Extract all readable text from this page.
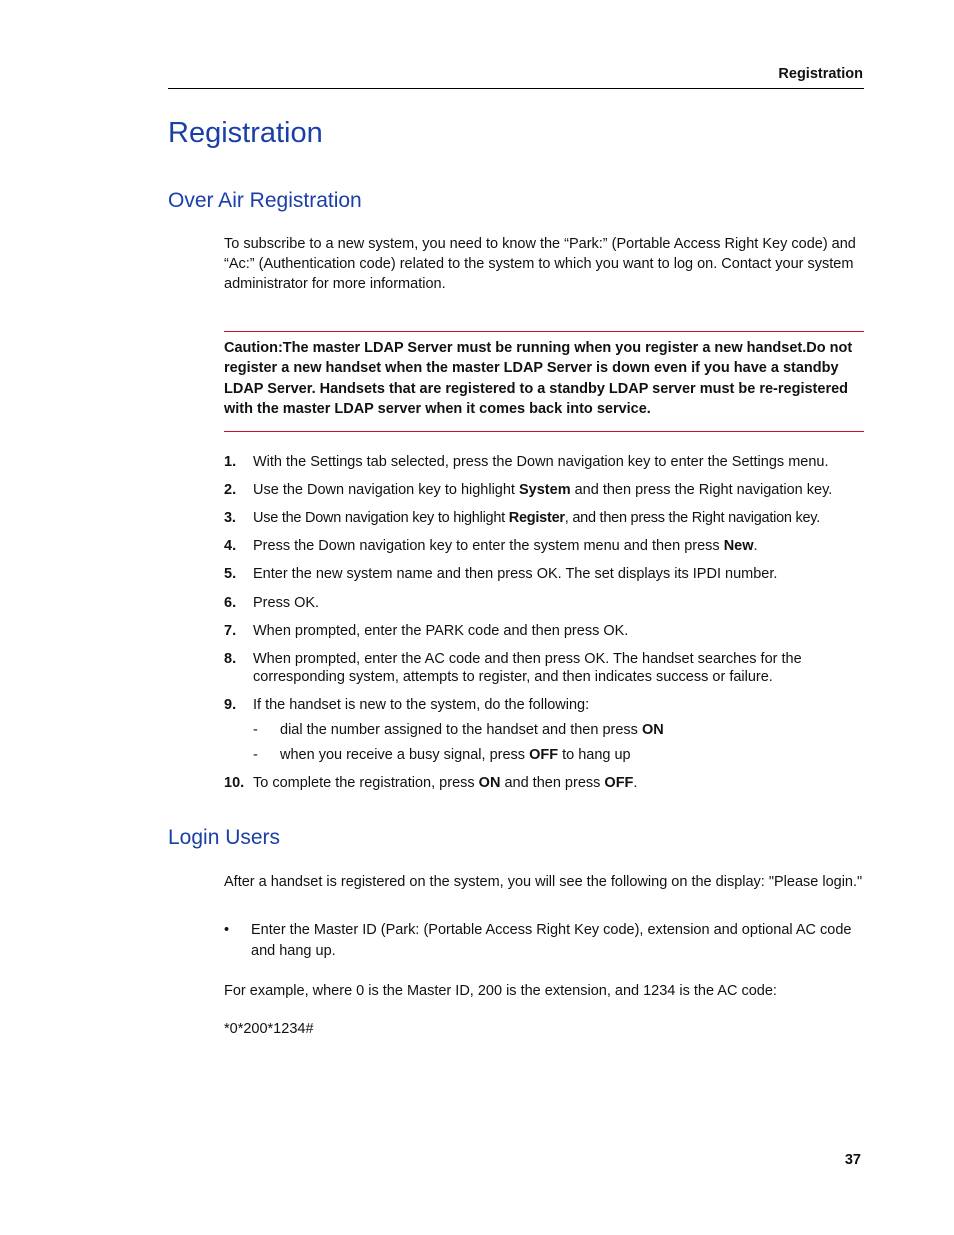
Registration
Registration
Over Air Registration
To subscribe to a new system, you need to know the “Park:” (Portable Access Right Key code) and “Ac:” (Authentication code) related to the system to which you want to log on. Contact your system administrator for more information.
Caution:The master LDAP Server must be running when you register a new handset.Do not register a new handset when the master LDAP Server is down even if you have a standby LDAP Server. Handsets that are registered to a standby LDAP server must be re-registered with the master LDAP server when it comes back into service.
1. With the Settings tab selected, press the Down navigation key to enter the Settings menu.
2. Use the Down navigation key to highlight System and then press the Right navigation key.
3. Use the Down navigation key to highlight Register, and then press the Right navigation key.
4. Press the Down navigation key to enter the system menu and then press New.
5. Enter the new system name and then press OK. The set displays its IPDI number.
6. Press OK.
7. When prompted, enter the PARK code and then press OK.
8. When prompted, enter the AC code and then press OK. The handset searches for the corresponding system, attempts to register, and then indicates success or failure.
9. If the handset is new to the system, do the following:
- dial the number assigned to the handset and then press ON
- when you receive a busy signal, press OFF to hang up
10. To complete the registration, press ON and then press OFF.
Login Users
After a handset is registered on the system, you will see the following on the display: "Please login."
• Enter the Master ID (Park: (Portable Access Right Key code), extension and optional AC code and hang up.
For example, where 0 is the Master ID, 200 is the extension, and 1234 is the AC code:
*0*200*1234#
37
